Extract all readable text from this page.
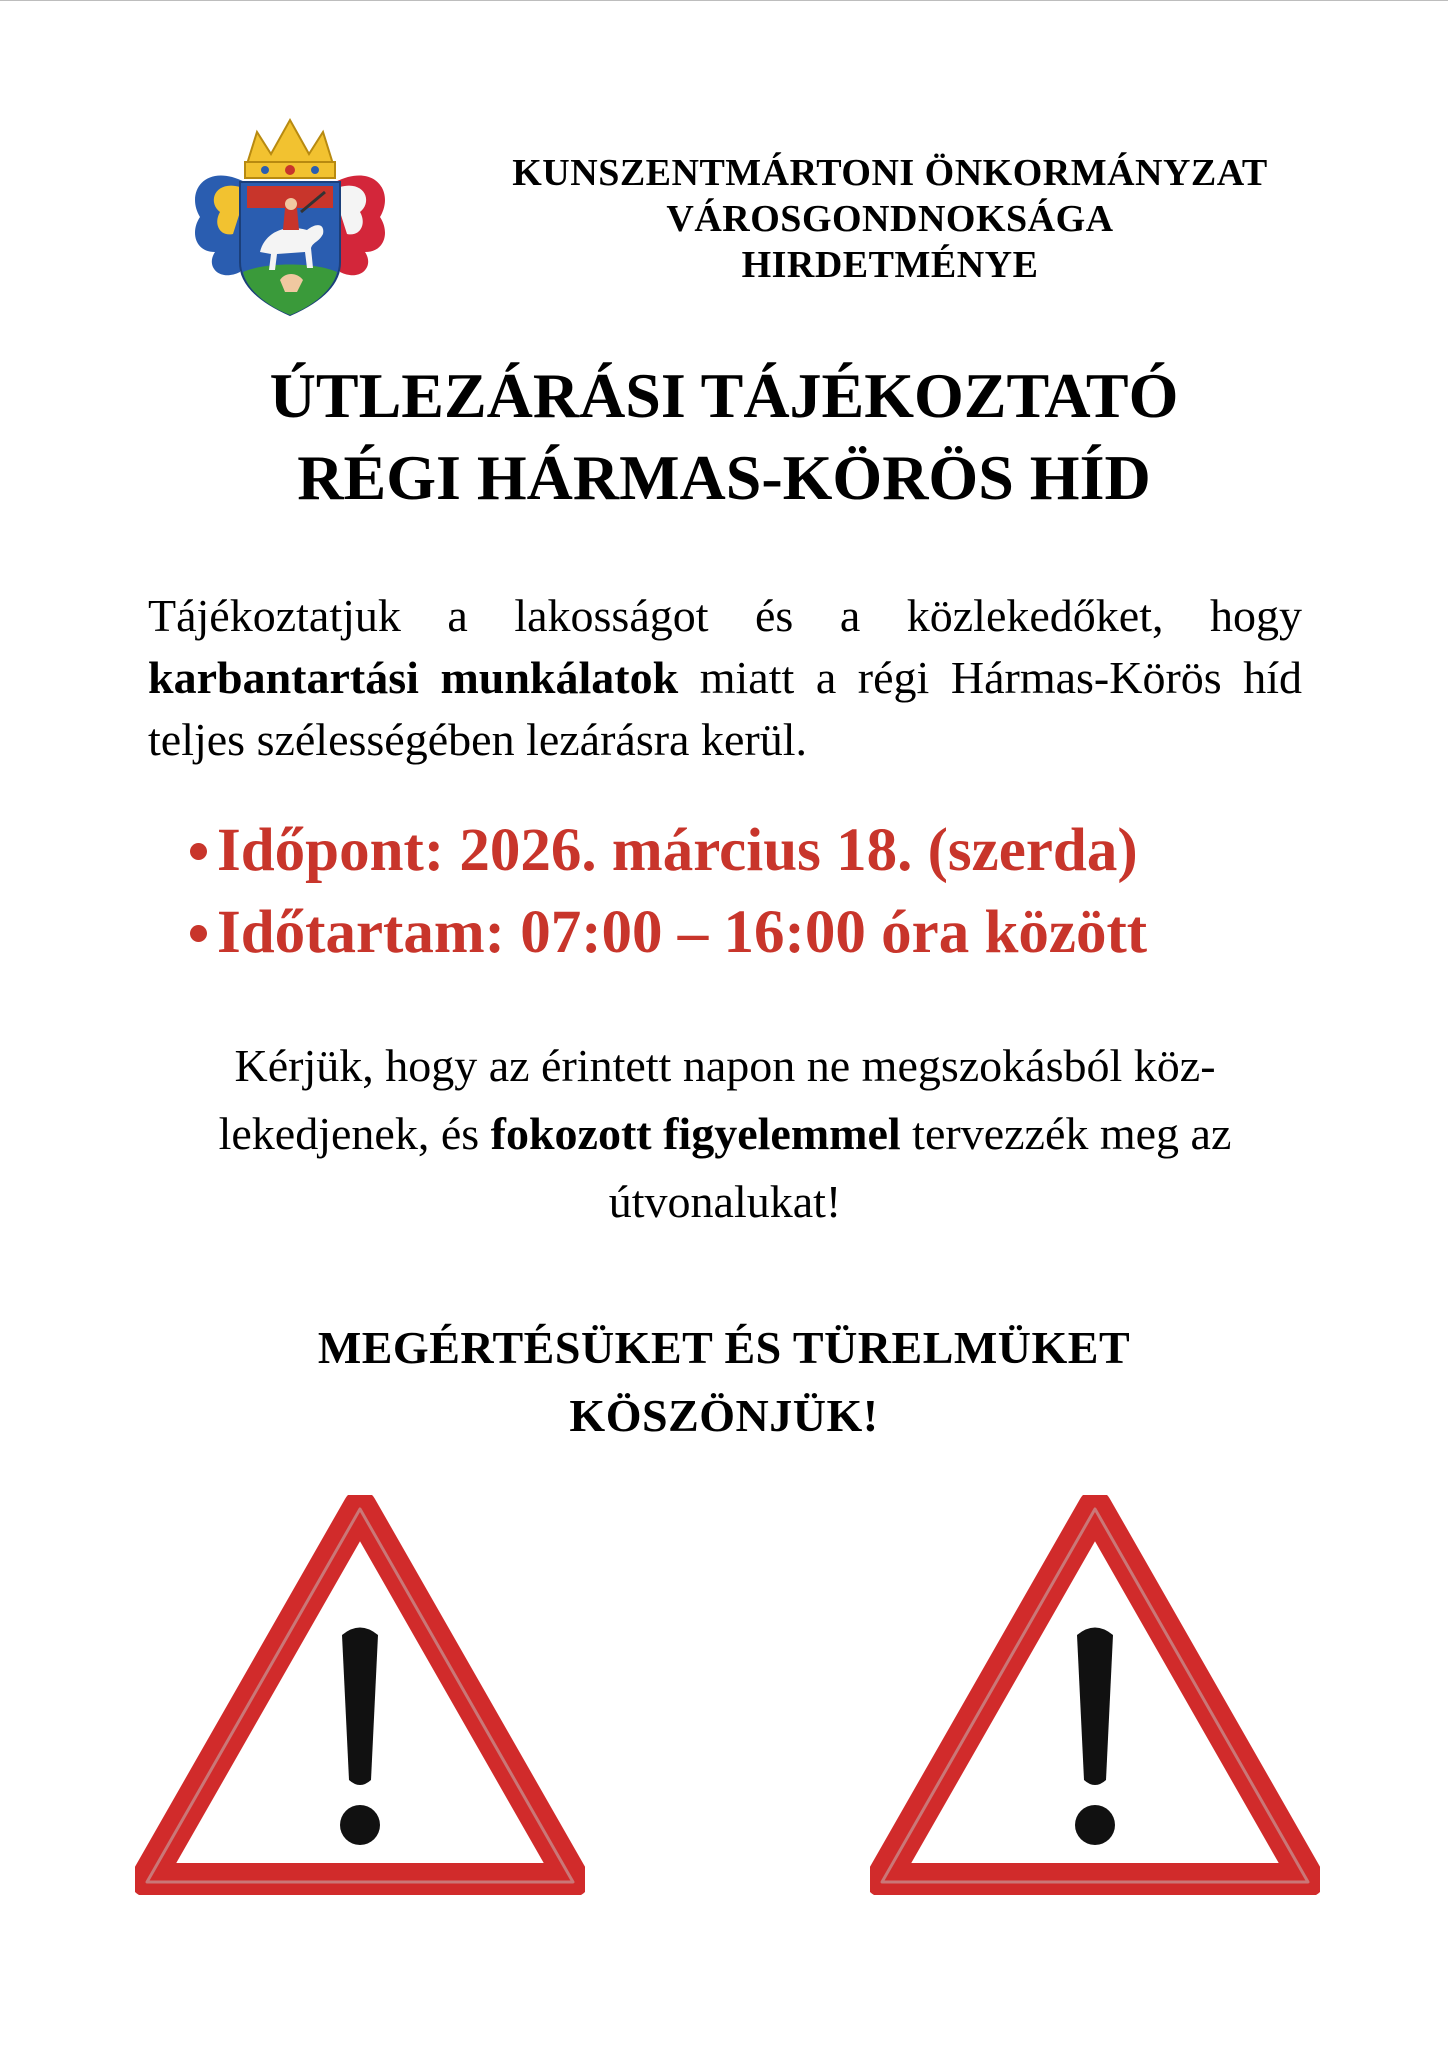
KUNSZENTMÁRTONI ÖNKORMÁNYZAT
VÁROSGONDNOKSÁGA
HIRDETMÉNYE
ÚTLEZÁRÁSI TÁJÉKOZTATÓ
RÉGI HÁRMAS-KÖRÖS HÍD
Tájékoztatjuk a lakosságot és a közlekedőket, hogy karbantartási munkálatok miatt a régi Hármas-Körös híd teljes szélességében lezárásra kerül.
Időpont: 2026. március 18. (szerda)
Időtartam: 07:00 – 16:00 óra között
Kérjük, hogy az érintett napon ne megszokásból köz-lekedjenek, és fokozott figyelemmel tervezzék meg az útvonalukat!
MEGÉRTÉSÜKET ÉS TÜRELMÜKET
KÖSZÖNJÜK!
